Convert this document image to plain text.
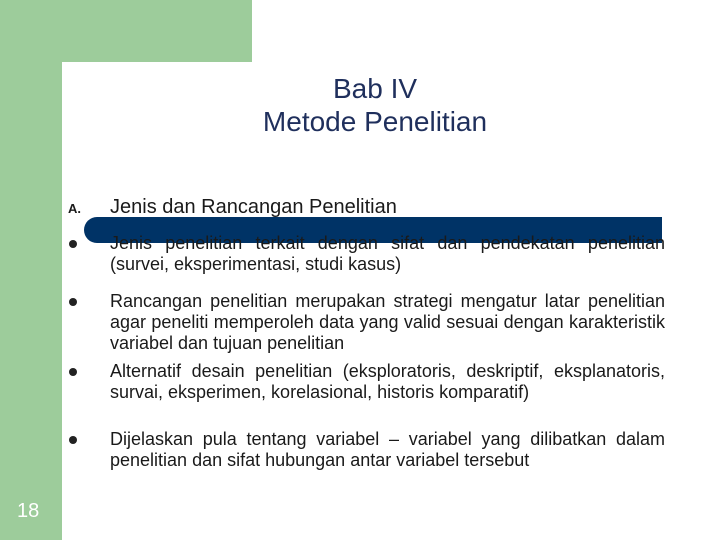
Bab IV
Metode Penelitian
A. Jenis dan Rancangan Penelitian
Jenis penelitian terkait dengan sifat dan pendekatan penelitian (survei, eksperimentasi, studi kasus)
Rancangan penelitian merupakan strategi mengatur latar penelitian agar peneliti memperoleh data yang valid sesuai dengan karakteristik variabel dan tujuan penelitian
Alternatif desain penelitian (eksploratoris, deskriptif, eksplanatoris, survai, eksperimen, korelasional, historis komparatif)
Dijelaskan pula tentang variabel – variabel yang dilibatkan dalam penelitian dan sifat hubungan antar variabel tersebut
18
